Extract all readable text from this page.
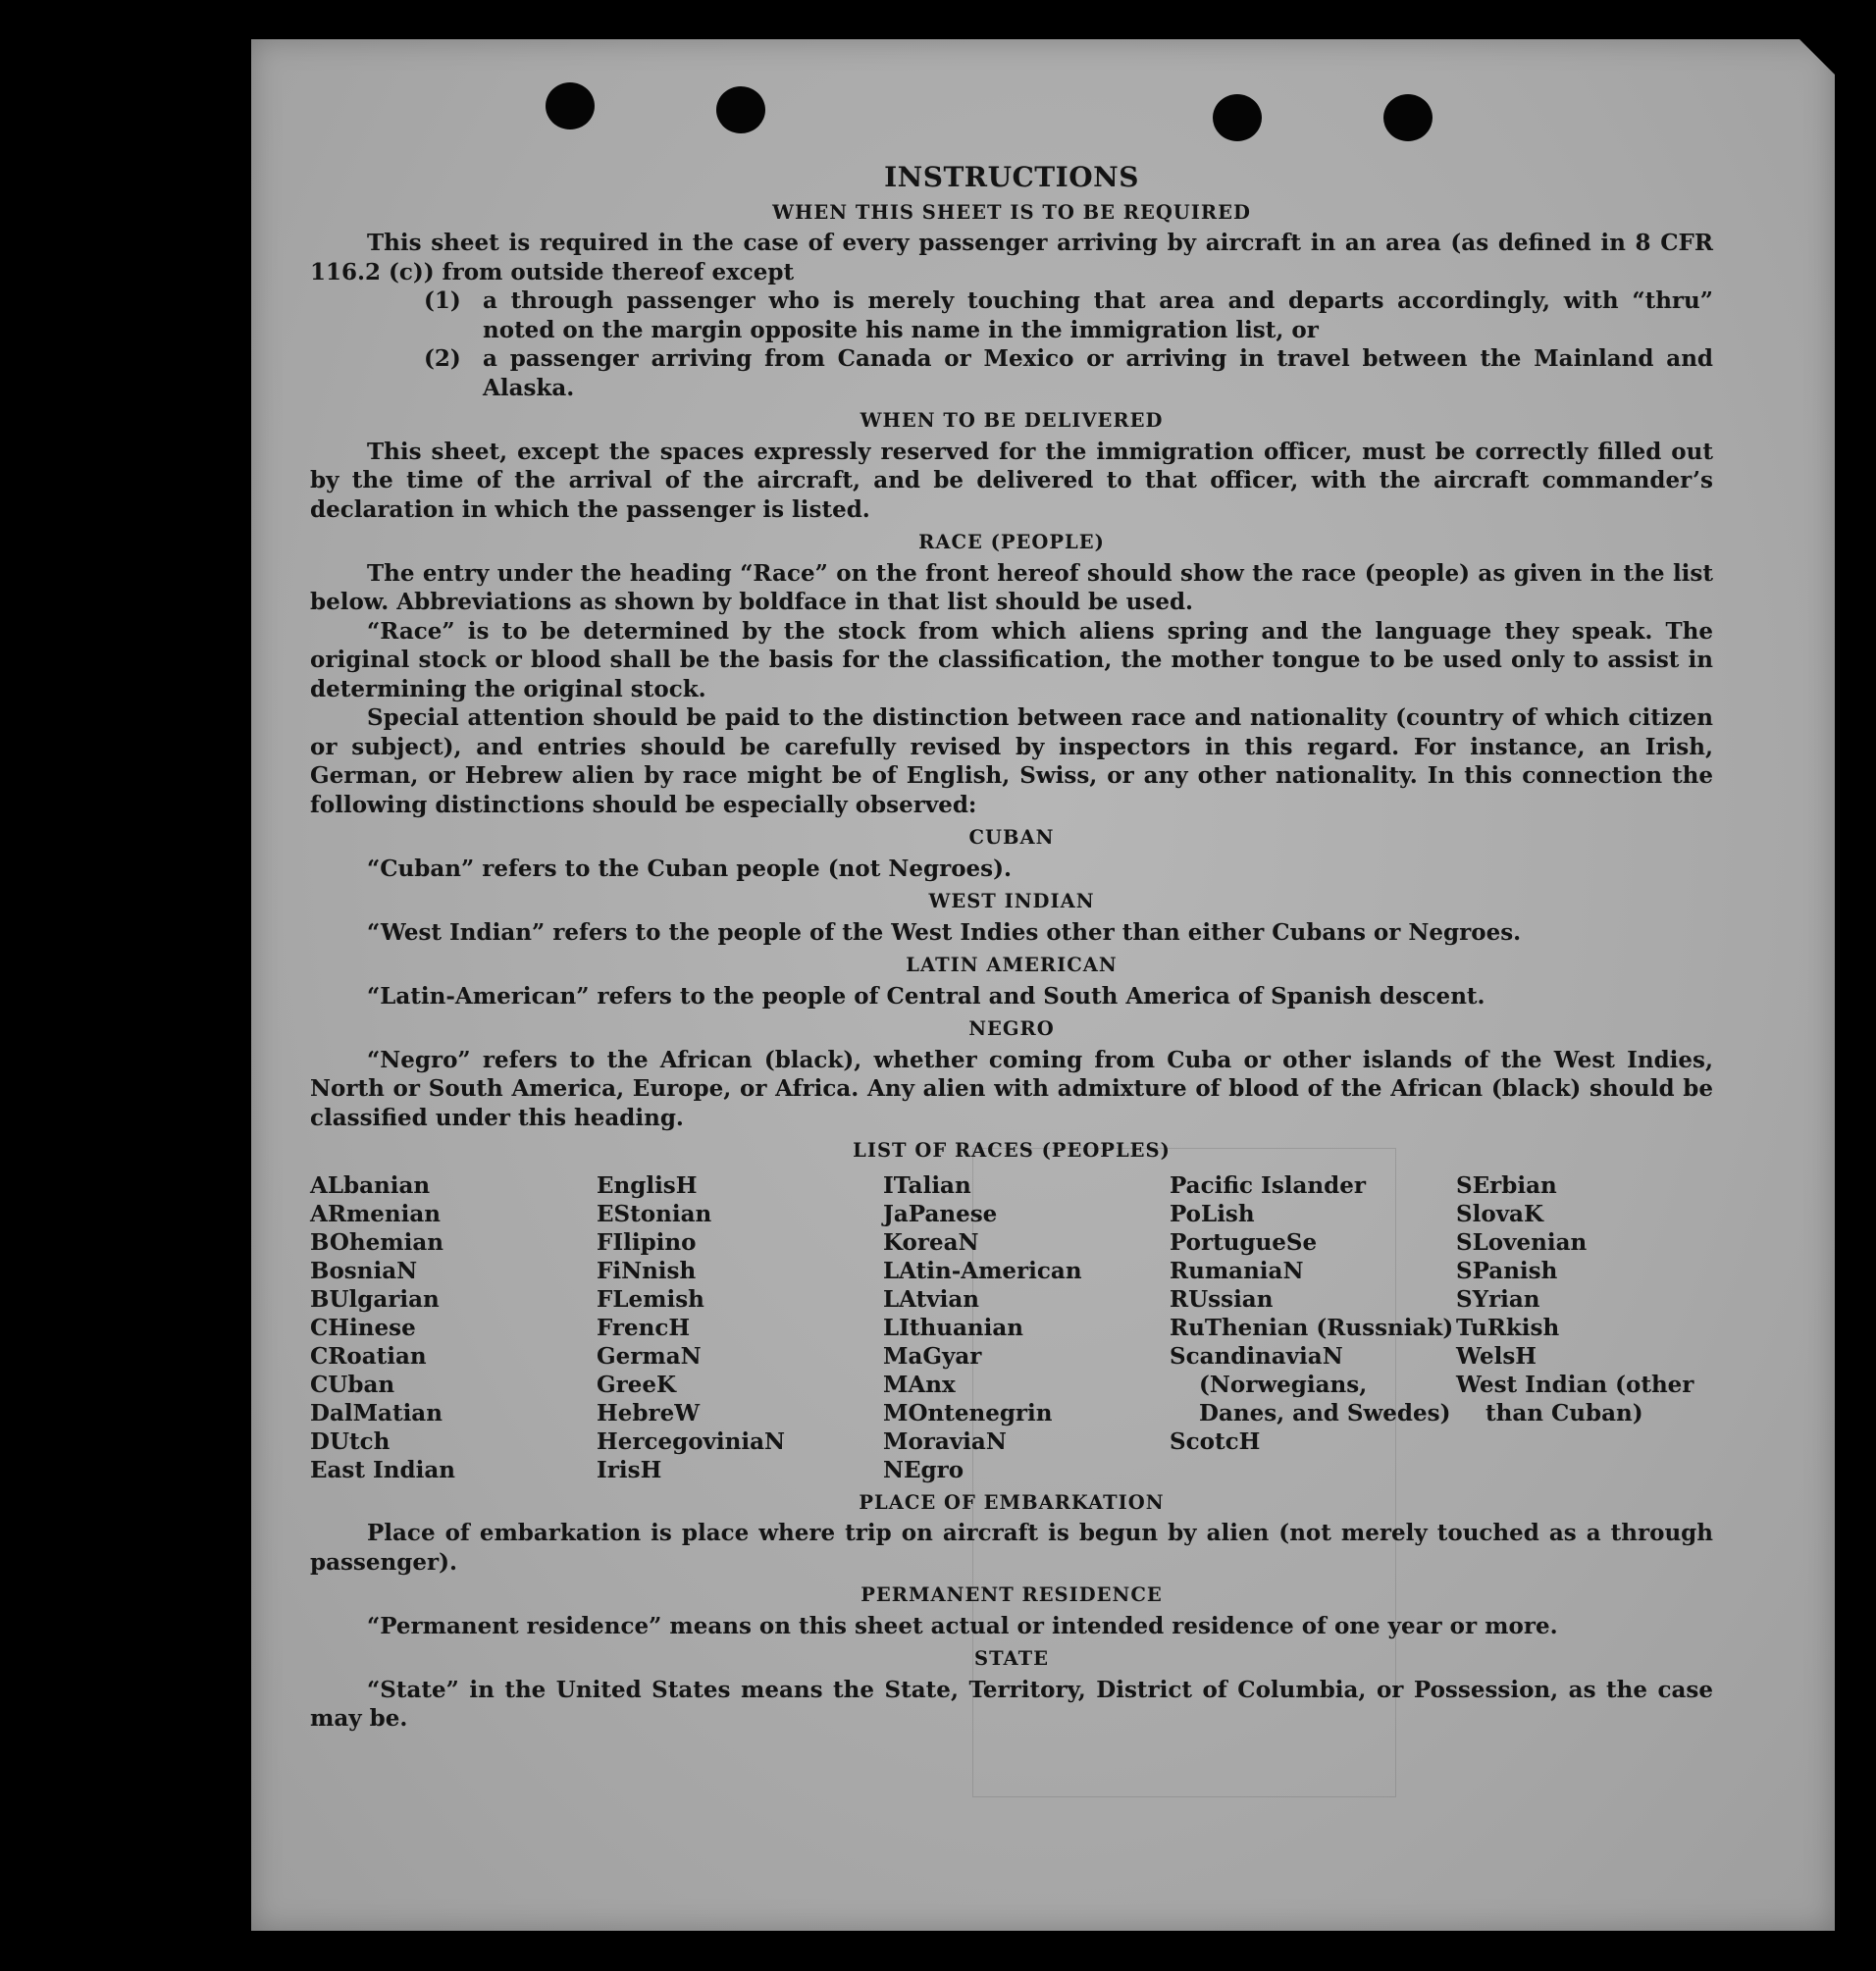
INSTRUCTIONS
WHEN THIS SHEET IS TO BE REQUIRED

This sheet is required in the case of every passenger arriving by aircraft in an area (as defined in 8 CFR 116.2 (c)) from outside thereof except

(1) a through passenger who is merely touching that area and departs accordingly, with “thru” noted on the margin opposite his name in the immigration list, or
(2) a passenger arriving from Canada or Mexico or arriving in travel between the Mainland and Alaska.
WHEN TO BE DELIVERED

This sheet, except the spaces expressly reserved for the immigration officer, must be correctly filled out by the time of the arrival of the aircraft, and be delivered to that officer, with the aircraft commander’s declaration in which the passenger is listed.

RACE (PEOPLE)

The entry under the heading “Race” on the front hereof should show the race (people) as given in the list below. Abbreviations as shown by boldface in that list should be used.

“Race” is to be determined by the stock from which aliens spring and the language they speak. The original stock or blood shall be the basis for the classification, the mother tongue to be used only to assist in determining the original stock.

Special attention should be paid to the distinction between race and nationality (country of which citizen or subject), and entries should be carefully revised by inspectors in this regard. For instance, an Irish, German, or Hebrew alien by race might be of English, Swiss, or any other nationality. In this connection the following distinctions should be especially observed:

CUBAN

“Cuban” refers to the Cuban people (not Negroes).

WEST INDIAN

“West Indian” refers to the people of the West Indies other than either Cubans or Negroes.

LATIN AMERICAN

“Latin-American” refers to the people of Central and South America of Spanish descent.

NEGRO

“Negro” refers to the African (black), whether coming from Cuba or other islands of the West Indies, North or South America, Europe, or Africa. Any alien with admixture of blood of the African (black) should be classified under this heading.

LIST OF RACES (PEOPLES)
ALbanian
ARmenian
BOhemian
BosniaN
BUlgarian
CHinese
CRoatian
CUban
DalMatian
DUtch
East Indian
EnglisH
EStonian
FIlipino
FiNnish
FLemish
FrencH
GermaN
GreeK
HebreW
HercegoviniaN
IrisH
ITalian
JaPanese
KoreaN
LAtin-American
LAtvian
LIthuanian
MaGyar
MAnx
MOntenegrin
MoraviaN
NEgro
Pacific Islander
PoLish
PortugueSe
RumaniaN
RUssian
RuThenian (Russniak)
ScandinaviaN (Norwegians, Danes, and Swedes)
ScotcH
SErbian
SlovaK
SLovenian
SPanish
SYrian
TuRkish
WelsH
West Indian (other than Cuban)
PLACE OF EMBARKATION

Place of embarkation is place where trip on aircraft is begun by alien (not merely touched as a through passenger).

PERMANENT RESIDENCE

“Permanent residence” means on this sheet actual or intended residence of one year or more.

STATE

“State” in the United States means the State, Territory, District of Columbia, or Possession, as the case may be.
